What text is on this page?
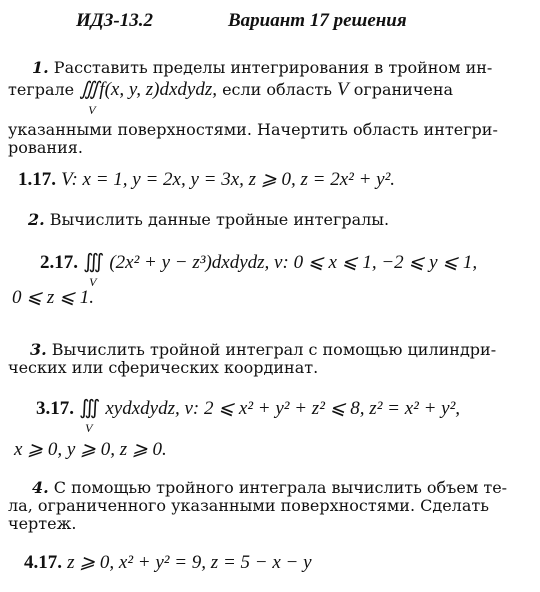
ИДЗ-13.2	Вариант 17 решения
1. Расставить пределы интегрирования в тройном ин-
теграле ∭f(x, y, z)dxdydz,
V
если область V ограничена
указанными поверхностями. Начертить область интегри-
рования.
1.17. V: x = 1, y = 2x, y = 3x, z ⩾ 0, z = 2x² + y².
2. Вычислить данные тройные интегралы.
2.17. ∭
V
(2x² + y − z³)dxdydz, v: 0 ⩽ x ⩽ 1, −2 ⩽ y ⩽ 1,
0 ⩽ z ⩽ 1.
3. Вычислить тройной интеграл с помощью цилиндри-
ческих или сферических координат.
3.17. ∭
V
xydxdydz, v: 2 ⩽ x² + y² + z² ⩽ 8, z² = x² + y²,
x ⩾ 0, y ⩾ 0, z ⩾ 0.
4. С помощью тройного интеграла вычислить объем те-
ла, ограниченного указанными поверхностями. Сделать
чертеж.
4.17. z ⩾ 0, x² + y² = 9, z = 5 − x − y
